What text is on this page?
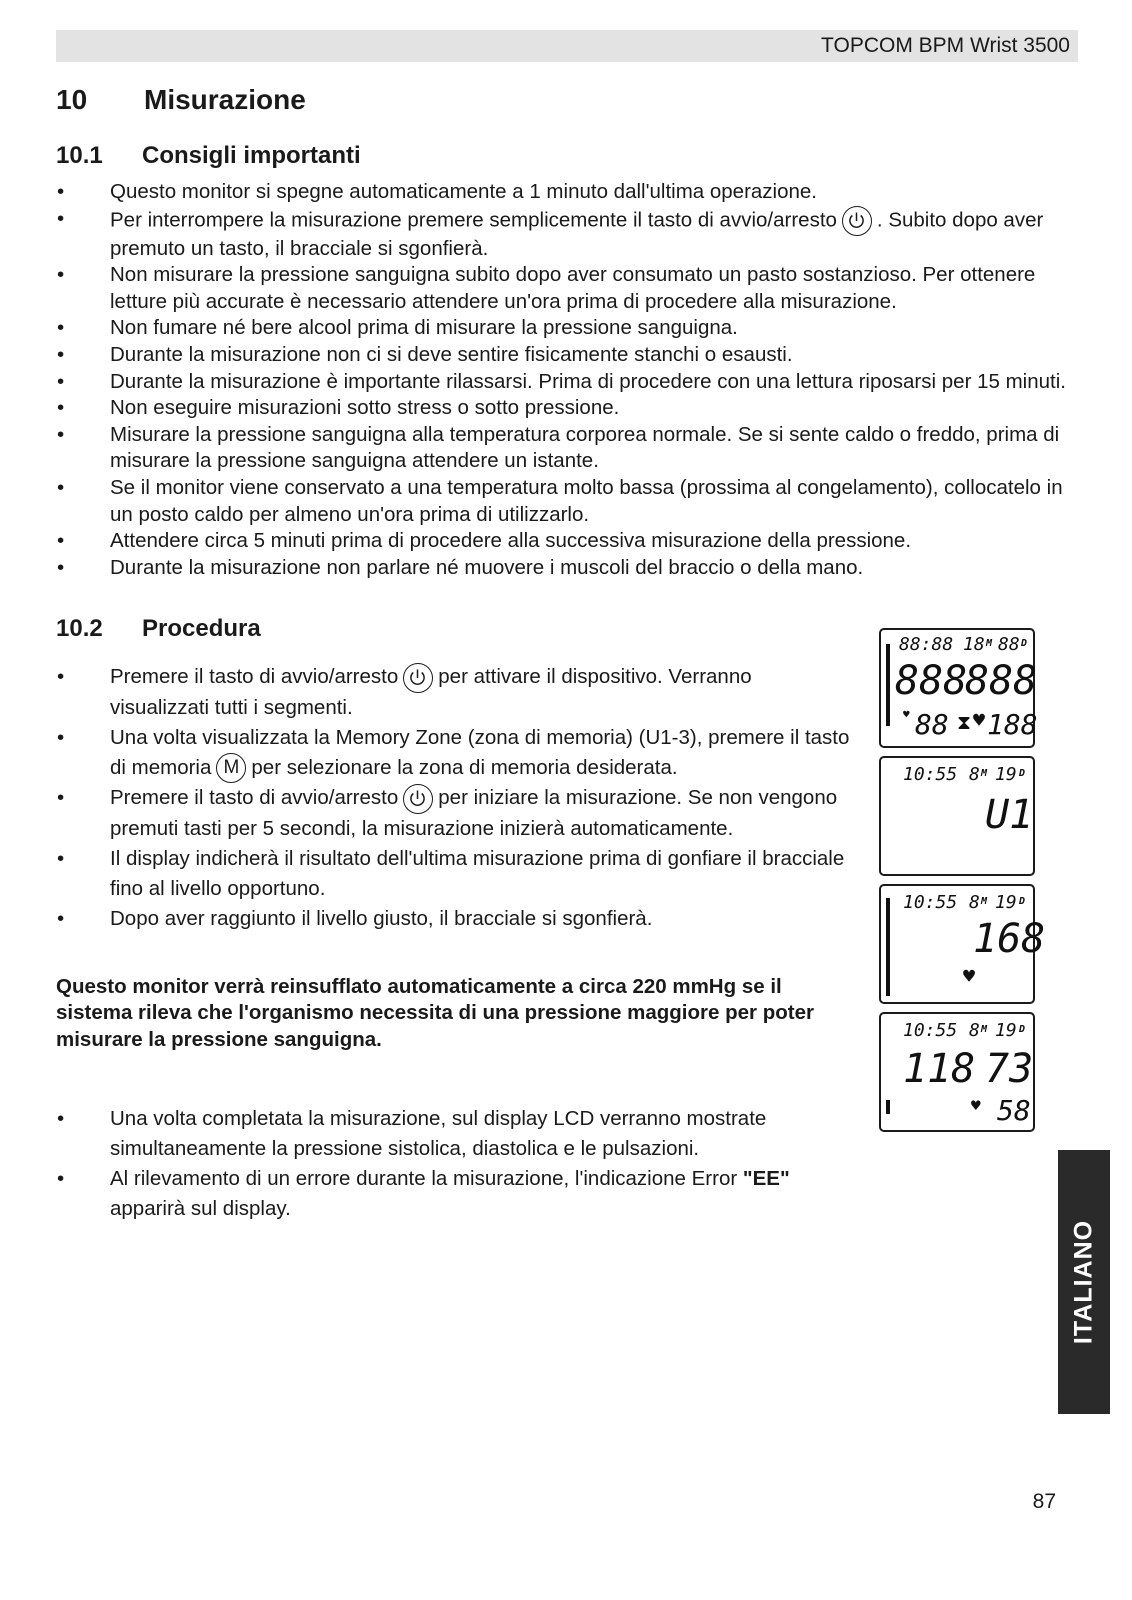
TOPCOM BPM Wrist 3500
10 Misurazione
10.1 Consigli importanti
• Questo monitor si spegne automaticamente a 1 minuto dall'ultima operazione.
• Per interrompere la misurazione premere semplicemente il tasto di avvio/arresto . Subito dopo aver premuto un tasto, il bracciale si sgonfierà.
• Non misurare la pressione sanguigna subito dopo aver consumato un pasto sostanzioso. Per ottenere letture più accurate è necessario attendere un'ora prima di procedere alla misurazione.
• Non fumare né bere alcool prima di misurare la pressione sanguigna.
• Durante la misurazione non ci si deve sentire fisicamente stanchi o esausti.
• Durante la misurazione è importante rilassarsi. Prima di procedere con una lettura riposarsi per 15 minuti.
• Non eseguire misurazioni sotto stress o sotto pressione.
• Misurare la pressione sanguigna alla temperatura corporea normale. Se si sente caldo o freddo, prima di misurare la pressione sanguigna attendere un istante.
• Se il monitor viene conservato a una temperatura molto bassa (prossima al congelamento), collocatelo in un posto caldo per almeno un'ora prima di utilizzarlo.
• Attendere circa 5 minuti prima di procedere alla successiva misurazione della pressione.
• Durante la misurazione non parlare né muovere i muscoli del braccio o della mano.
10.2 Procedura
• Premere il tasto di avvio/arresto per attivare il dispositivo. Verranno visualizzati tutti i segmenti.
• Una volta visualizzata la Memory Zone (zona di memoria) (U1-3), premere il tasto di memoria M per selezionare la zona di memoria desiderata.
• Premere il tasto di avvio/arresto per iniziare la misurazione. Se non vengono premuti tasti per 5 secondi, la misurazione inizierà automaticamente.
• Il display indicherà il risultato dell'ultima misurazione prima di gonfiare il bracciale fino al livello opportuno.
• Dopo aver raggiunto il livello giusto, il bracciale si sgonfierà.
Questo monitor verrà reinsufflato automaticamente a circa 220 mmHg se il sistema rileva che l'organismo necessita di una pressione maggiore per poter misurare la pressione sanguigna.
• Una volta completata la misurazione, sul display LCD verranno mostrate simultaneamente la pressione sistolica, diastolica e le pulsazioni.
• Al rilevamento di un errore durante la misurazione, l'indicazione Error "EE" apparirà sul display.
88:88 18 M 88 D
888
888
♥ 88 ⧗ ♥ 188
10:55 8 M 19 D
U1
10:55 8 M 19 D
168
♥
10:55 8 M 19 D
118 73
♥ 58
ITALIANO
87
